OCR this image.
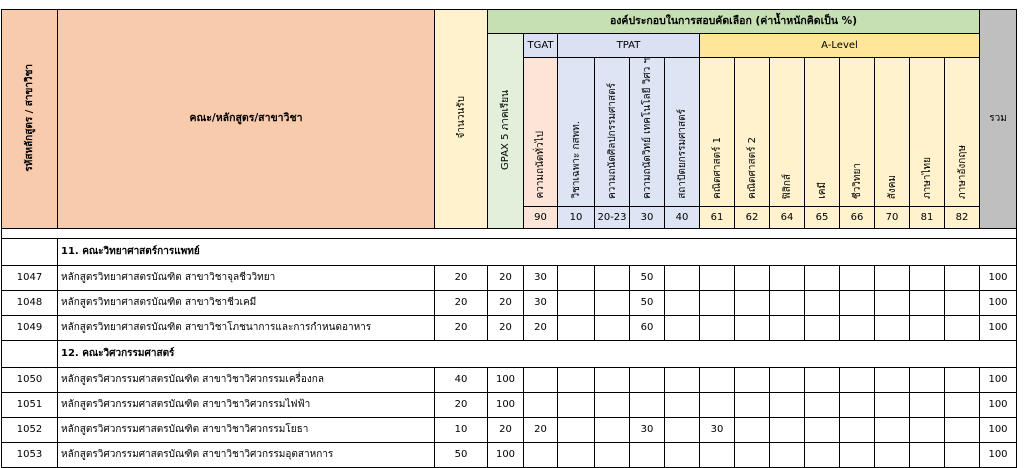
รหัสหลักสูตร / สาขาวิชา	คณะ/หลักสูตร/สาขาวิชา	จำนวนรับ	องค์ประกอบในการสอบคัดเลือก (ค่าน้ำหนักคิดเป็น %)														รวม
			GPAX 5 ภาคเรียน	TGAT	TPAT				A-Level								
				ความถนัดทั่วไป	วิชาเฉพาะ กสพท.	ความถนัดศิลปกรรมศาสตร์	ความถนัดวิทย์ เทคโนโลยี วิศว ฯ	สถาปัตยกรรมศาสตร์	คณิตศาสตร์ 1	คณิตศาสตร์ 2	ฟิสิกส์	เคมี	ชีววิทยา	สังคม	ภาษาไทย	ภาษาอังกฤษ	
				90	10	20-23	30	40	61	62	64	65	66	70	81	82	

	11. คณะวิทยาศาสตร์การแพทย์																
1047	หลักสูตรวิทยาศาสตรบัณฑิต สาขาวิชาจุลชีววิทยา	20	20	30			50										100
1048	หลักสูตรวิทยาศาสตรบัณฑิต สาขาวิชาชีวเคมี	20	20	30			50										100
1049	หลักสูตรวิทยาศาสตรบัณฑิต สาขาวิชาโภชนาการและการกำหนดอาหาร	20	20	20			60										100
	12. คณะวิศวกรรมศาสตร์																
1050	หลักสูตรวิศวกรรมศาสตรบัณฑิต สาขาวิชาวิศวกรรมเครื่องกล	40	100														100
1051	หลักสูตรวิศวกรรมศาสตรบัณฑิต สาขาวิชาวิศวกรรมไฟฟ้า	20	100														100
1052	หลักสูตรวิศวกรรมศาสตรบัณฑิต สาขาวิชาวิศวกรรมโยธา	10	20	20			30		30								100
1053	หลักสูตรวิศวกรรมศาสตรบัณฑิต สาขาวิชาวิศวกรรมอุตสาหการ	50	100														100
